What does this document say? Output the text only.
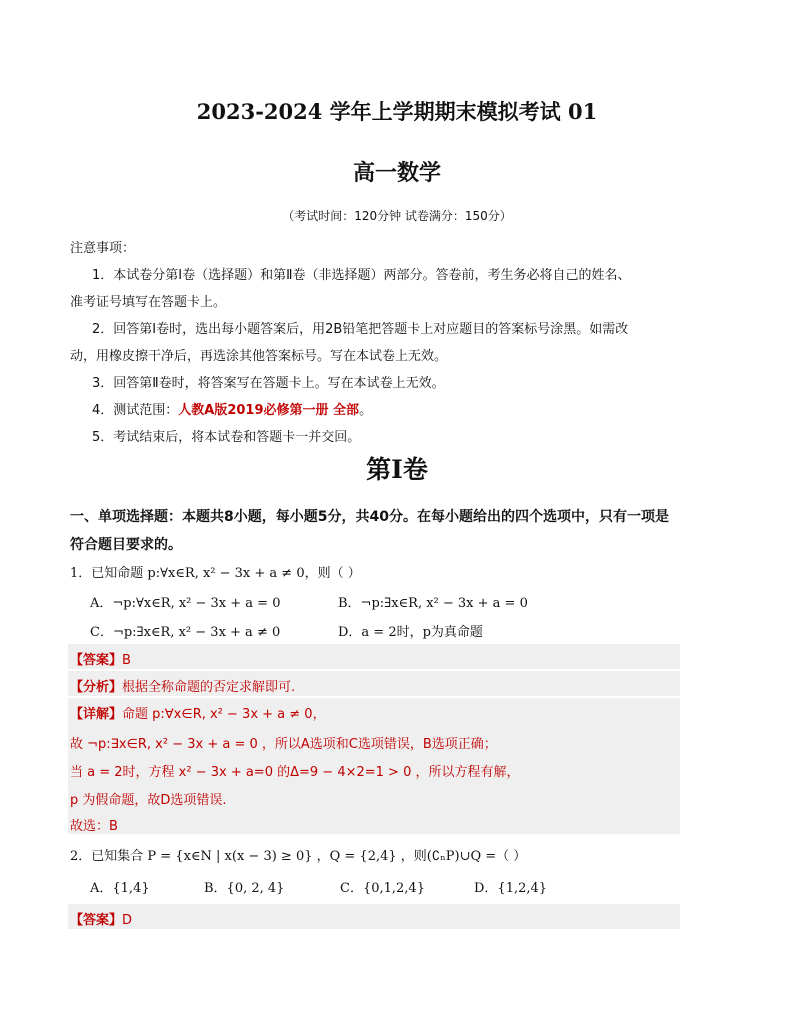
2023-2024 学年上学期期末模拟考试 01
高一数学
（考试时间：120分钟 试卷满分：150分）
注意事项：
1．本试卷分第Ⅰ卷（选择题）和第Ⅱ卷（非选择题）两部分。答卷前，考生务必将自己的姓名、
准考证号填写在答题卡上。
2．回答第Ⅰ卷时，选出每小题答案后，用2B铅笔把答题卡上对应题目的答案标号涂黑。如需改
动，用橡皮擦干净后，再选涂其他答案标号。写在本试卷上无效。
3．回答第Ⅱ卷时，将答案写在答题卡上。写在本试卷上无效。
4．测试范围：人教A版2019必修第一册 全部。
5．考试结束后，将本试卷和答题卡一并交回。
第Ⅰ卷
一、单项选择题：本题共8小题，每小题5分，共40分。在每小题给出的四个选项中，只有一项是
符合题目要求的。
1．已知命题 p:∀x∈R, x² − 3x + a ≠ 0，则（ ）
A．¬p:∀x∈R, x² − 3x + a = 0	B．¬p:∃x∈R, x² − 3x + a = 0
C．¬p:∃x∈R, x² − 3x + a ≠ 0	D．a = 2时，p为真命题
【答案】B
【分析】根据全称命题的否定求解即可.
【详解】命题 p:∀x∈R, x² − 3x + a ≠ 0，
故 ¬p:∃x∈R, x² − 3x + a = 0 ，所以A选项和C选项错误，B选项正确；
当 a = 2时，方程 x² − 3x + a=0 的Δ=9 − 4×2=1 > 0 ，所以方程有解，
p 为假命题，故D选项错误.
故选：B
2．已知集合 P = {x∈N | x(x − 3) ≥ 0} ，Q = {2,4} ，则(∁ₙP)∪Q =（ ）
A．{1,4}	B．{0, 2, 4}	C．{0,1,2,4}	D．{1,2,4}
【答案】D
